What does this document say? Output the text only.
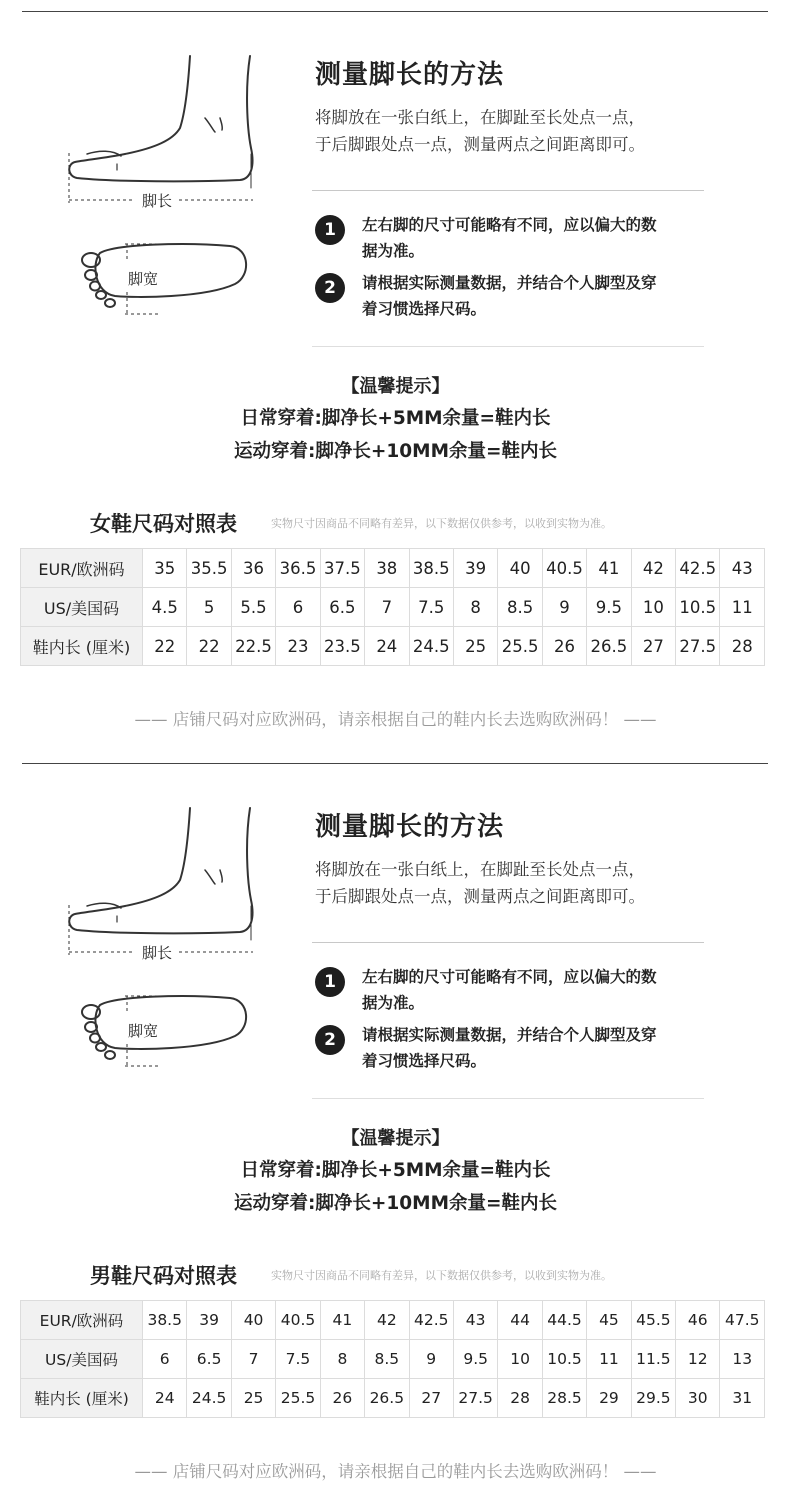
脚长
脚宽
测量脚长的方法
将脚放在一张白纸上，在脚趾至长处点一点，
于后脚跟处点一点，测量两点之间距离即可。
1	左右脚的尺寸可能略有不同，应以偏大的数
据为准。
2	请根据实际测量数据，并结合个人脚型及穿
着习惯选择尺码。
【温馨提示】
日常穿着:脚净长+5MM余量=鞋内长
运动穿着:脚净长+10MM余量=鞋内长
女鞋尺码对照表	实物尺寸因商品不同略有差异，以下数据仅供参考，以收到实物为准。
EUR/欧洲码	35	35.5	36	36.5	37.5	38	38.5	39	40	40.5	41	42	42.5	43
US/美国码	4.5	5	5.5	6	6.5	7	7.5	8	8.5	9	9.5	10	10.5	11
鞋内长 (厘米)	22	22	22.5	23	23.5	24	24.5	25	25.5	26	26.5	27	27.5	28
—— 店铺尺码对应欧洲码，请亲根据自己的鞋内长去选购欧洲码！ ——
脚长
脚宽
测量脚长的方法
将脚放在一张白纸上，在脚趾至长处点一点，
于后脚跟处点一点，测量两点之间距离即可。
1	左右脚的尺寸可能略有不同，应以偏大的数
据为准。
2	请根据实际测量数据，并结合个人脚型及穿
着习惯选择尺码。
【温馨提示】
日常穿着:脚净长+5MM余量=鞋内长
运动穿着:脚净长+10MM余量=鞋内长
男鞋尺码对照表	实物尺寸因商品不同略有差异，以下数据仅供参考，以收到实物为准。
EUR/欧洲码	38.5	39	40	40.5	41	42	42.5	43	44	44.5	45	45.5	46	47.5
US/美国码	6	6.5	7	7.5	8	8.5	9	9.5	10	10.5	11	11.5	12	13
鞋内长 (厘米)	24	24.5	25	25.5	26	26.5	27	27.5	28	28.5	29	29.5	30	31
—— 店铺尺码对应欧洲码，请亲根据自己的鞋内长去选购欧洲码！ ——
